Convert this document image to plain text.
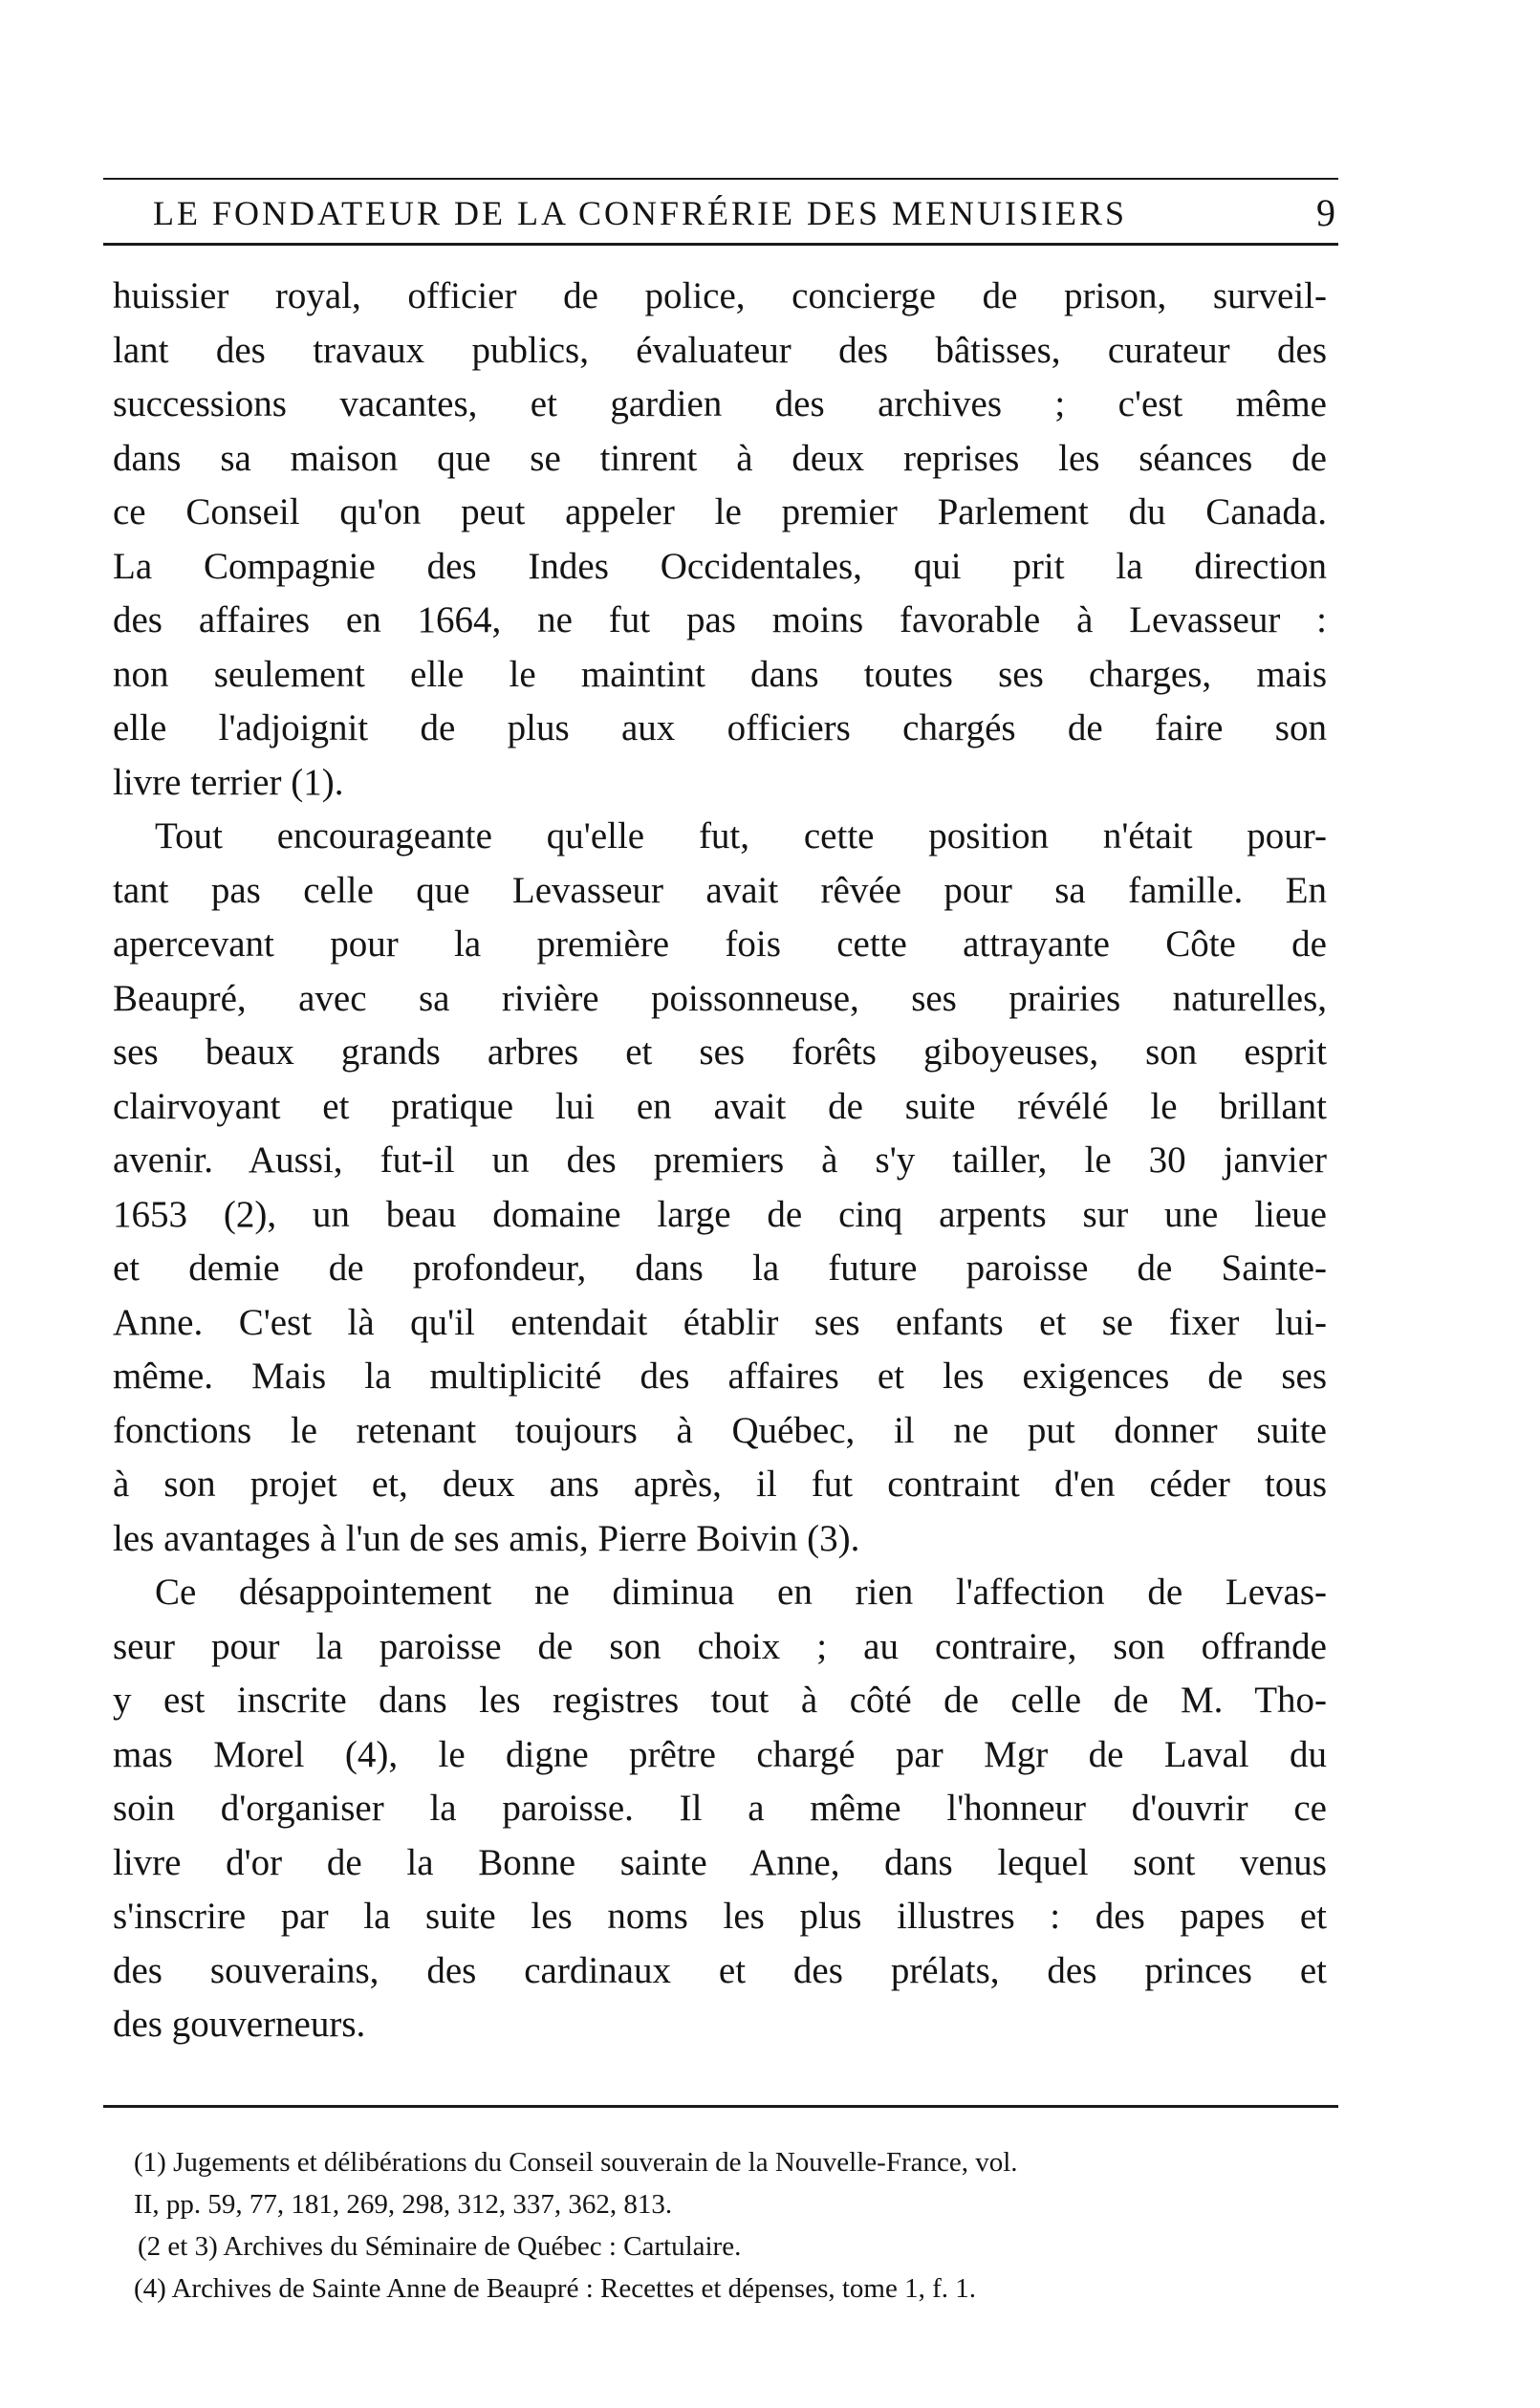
LE FONDATEUR DE LA CONFRÉRIE DES MENUISIERS	9
huissier royal, officier de police, concierge de prison, surveil-
lant des travaux publics, évaluateur des bâtisses, curateur des
successions vacantes, et gardien des archives ; c'est même
dans sa maison que se tinrent à deux reprises les séances de
ce Conseil qu'on peut appeler le premier Parlement du Canada.
La Compagnie des Indes Occidentales, qui prit la direction
des affaires en 1664, ne fut pas moins favorable à Levasseur :
non seulement elle le maintint dans toutes ses charges, mais
elle l'adjoignit de plus aux officiers chargés de faire son
livre terrier (1).
Tout encourageante qu'elle fut, cette position n'était pour-
tant pas celle que Levasseur avait rêvée pour sa famille. En
apercevant pour la première fois cette attrayante Côte de
Beaupré, avec sa rivière poissonneuse, ses prairies naturelles,
ses beaux grands arbres et ses forêts giboyeuses, son esprit
clairvoyant et pratique lui en avait de suite révélé le brillant
avenir. Aussi, fut-il un des premiers à s'y tailler, le 30 janvier
1653 (2), un beau domaine large de cinq arpents sur une lieue
et demie de profondeur, dans la future paroisse de Sainte-
Anne. C'est là qu'il entendait établir ses enfants et se fixer lui-
même. Mais la multiplicité des affaires et les exigences de ses
fonctions le retenant toujours à Québec, il ne put donner suite
à son projet et, deux ans après, il fut contraint d'en céder tous
les avantages à l'un de ses amis, Pierre Boivin (3).
Ce désappointement ne diminua en rien l'affection de Levas-
seur pour la paroisse de son choix ; au contraire, son offrande
y est inscrite dans les registres tout à côté de celle de M. Tho-
mas Morel (4), le digne prêtre chargé par Mgr de Laval du
soin d'organiser la paroisse. Il a même l'honneur d'ouvrir ce
livre d'or de la Bonne sainte Anne, dans lequel sont venus
s'inscrire par la suite les noms les plus illustres : des papes et
des souverains, des cardinaux et des prélats, des princes et
des gouverneurs.
(1) Jugements et délibérations du Conseil souverain de la Nouvelle-France, vol.
II, pp. 59, 77, 181, 269, 298, 312, 337, 362, 813.
(2 et 3) Archives du Séminaire de Québec : Cartulaire.
(4) Archives de Sainte Anne de Beaupré : Recettes et dépenses, tome 1, f. 1.
